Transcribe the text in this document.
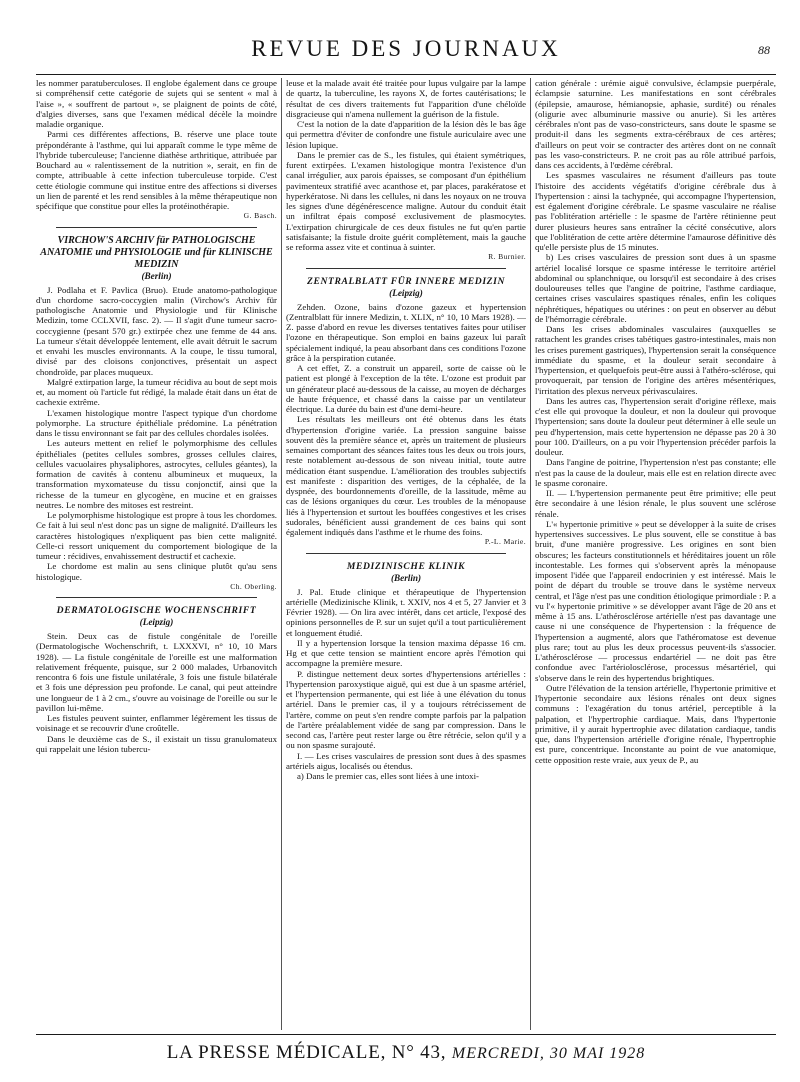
REVUE DES JOURNAUX	88

les nommer paratuberculoses. Il englobe également dans ce groupe si compréhensif cette catégorie de sujets qui se sentent « mal à l'aise », « souffrent de partout », se plaignent de points de côté, d'algies diverses, sans que l'examen médical décèle la moindre maladie organique.

Parmi ces différentes affections, B. réserve une place toute prépondérante à l'asthme, qui lui apparaît comme le type même de l'hybride tuberculeuse; l'ancienne diathèse arthritique, attribuée par Bouchard au « ralentissement de la nutrition », serait, en fin de compte, attribuable à cette infection tuberculeuse torpide. C'est cette étiologie commune qui institue entre des affections si diverses un lien de parenté et les rend sensibles à la même thérapeutique non spécifique que constitue pour elles la protéinothérapie.

G. Basch.
VIRCHOW'S ARCHIV für PATHOLOGISCHE ANATOMIE und PHYSIOLOGIE und für KLINISCHE MEDIZIN
(Berlin)

J. Podlaha et F. Pavlica (Bruo). Etude anatomo-pathologique d'un chordome sacro-coccygien malin (Virchow's Archiv für pathologische Anatomie und Physiologie und für Klinische Medizin, tome CCLXVII, fasc. 2). — Il s'agit d'une tumeur sacro-coccygienne (pesant 570 gr.) extirpée chez une femme de 44 ans. La tumeur s'était développée lentement, elle avait détruit le sacrum et envahi les muscles environnants. A la coupe, le tissu tumoral, divisé par des cloisons conjonctives, présentait un aspect chondroïde, par places muqueux.

Malgré extirpation large, la tumeur récidiva au bout de sept mois et, au moment où l'article fut rédigé, la malade était dans un état de cachexie extrême.

L'examen histologique montre l'aspect typique d'un chordome polymorphe. La structure épithéliale prédomine. La pénétration dans le tissu environnant se fait par des cellules chordales isolées.

Les auteurs mettent en relief le polymorphisme des cellules épithéliales (petites cellules sombres, grosses cellules claires, cellules vacuolaires physaliphores, astrocytes, cellules géantes), la formation de cavités à contenu albumineux et muqueux, la transformation myxomateuse du tissu conjonctif, ainsi que la richesse de la tumeur en glycogène, en mucine et en graisses neutres. Le nombre des mitoses est restreint.

Le polymorphisme histologique est propre à tous les chordomes. Ce fait à lui seul n'est donc pas un signe de malignité. D'ailleurs les caractères histologiques n'expliquent pas bien cette malignité. Celle-ci ressort uniquement du comportement biologique de la tumeur : récidives, envahissement destructif et cachexie.

Le chordome est malin au sens clinique plutôt qu'au sens histologique.

Ch. Oberling.
DERMATOLOGISCHE WOCHENSCHRIFT
(Leipzig)

Stein. Deux cas de fistule congénitale de l'oreille (Dermatologische Wochenschrift, t. LXXXVI, n° 10, 10 Mars 1928). — La fistule congénitale de l'oreille est une malformation relativement fréquente, puisque, sur 2 000 malades, Urbanovitch rencontra 6 fois une fistule unilatérale, 3 fois une fistule bilatérale et 3 fois une dépression peu profonde. Le canal, qui peut atteindre une longueur de 1 à 2 cm., s'ouvre au voisinage de l'oreille ou sur le pavillon lui-même.

Les fistules peuvent suinter, enflammer légèrement les tissus de voisinage et se recouvrir d'une croûtelle.

Dans le deuxième cas de S., il existait un tissu granulomateux qui rappelait une lésion tubercu-

leuse et la malade avait été traitée pour lupus vulgaire par la lampe de quartz, la tuberculine, les rayons X, de fortes cautérisations; le résultat de ces divers traitements fut l'apparition d'une chéloïde disgracieuse qui n'amena nullement la guérison de la fistule.

C'est la notion de la date d'apparition de la lésion dès le bas âge qui permettra d'éviter de confondre une fistule auriculaire avec une lésion lupique.

Dans le premier cas de S., les fistules, qui étaient symétriques, furent extirpées. L'examen histologique montra l'existence d'un canal irrégulier, aux parois épaisses, se composant d'un épithélium pavimenteux stratifié avec acanthose et, par places, parakératose et hyperkératose. Ni dans les cellules, ni dans les noyaux on ne trouva les signes d'une dégénérescence maligne. Autour du conduit était un infiltrat épais composé exclusivement de plasmocytes. L'extirpation chirurgicale de ces deux fistules ne fut qu'en partie satisfaisante; la fistule droite guérit complètement, mais la gauche se reforma assez vite et continua à suinter.

R. Burnier.
ZENTRALBLATT FÜR INNERE MEDIZIN
(Leipzig)

Zehden. Ozone, bains d'ozone gazeux et hypertension (Zentralblatt für innere Medizin, t. XLIX, n° 10, 10 Mars 1928). — Z. passe d'abord en revue les diverses tentatives faites pour utiliser l'ozone en thérapeutique. Son emploi en bains gazeux lui paraît spécialement indiqué, la peau absorbant dans ces conditions l'ozone grâce à la perspiration cutanée.

A cet effet, Z. a construit un appareil, sorte de caisse où le patient est plongé à l'exception de la tête. L'ozone est produit par un générateur placé au-dessous de la caisse, au moyen de décharges de haute fréquence, et chassé dans la caisse par un ventilateur électrique. La durée du bain est d'une demi-heure.

Les résultats les meilleurs ont été obtenus dans les états d'hypertension d'origine variée. La pression sanguine baisse souvent dès la première séance et, après un traitement de plusieurs semaines comportant des séances faites tous les deux ou trois jours, reste notablement au-dessous de son niveau initial, toute autre médication étant suspendue. L'amélioration des troubles subjectifs est manifeste : disparition des vertiges, de la céphalée, de la dyspnée, des bourdonnements d'oreille, de la lassitude, même au cas de lésions organiques du cœur. Les troubles de la ménopause liés à l'hypertension et surtout les bouffées congestives et les crises sudorales, bénéficient aussi grandement de ces bains qui sont également indiqués dans l'asthme et le rhume des foins.

P.-L. Marie.
MEDIZINISCHE KLINIK
(Berlin)

J. Pal. Etude clinique et thérapeutique de l'hypertension artérielle (Medizinische Klinik, t. XXIV, nos 4 et 5, 27 Janvier et 3 Février 1928). — On lira avec intérêt, dans cet article, l'exposé des opinions personnelles de P. sur un sujet qu'il a tout particulièrement et longuement étudié.

Il y a hypertension lorsque la tension maxima dépasse 16 cm. Hg et que cette tension se maintient encore après l'émotion qui accompagne la première mesure.

P. distingue nettement deux sortes d'hypertensions artérielles : l'hypertension paroxystique aiguë, qui est due à un spasme artériel, et l'hypertension permanente, qui est liée à une élévation du tonus artériel. Dans le premier cas, il y a toujours rétrécissement de l'artère, comme on peut s'en rendre compte parfois par la palpation de l'artère préalablement vidée de sang par compression. Dans le second cas, l'artère peut rester large ou être rétrécie, selon qu'il y a ou non spasme surajouté.

I. — Les crises vasculaires de pression sont dues à des spasmes artériels aigus, localisés ou étendus.

a) Dans le premier cas, elles sont liées à une intoxi-

cation générale : urémie aiguë convulsive, éclampsie puerpérale, éclampsie saturnine. Les manifestations en sont cérébrales (épilepsie, amaurose, hémianopsie, aphasie, surdité) ou rénales (oligurie avec albuminurie massive ou anurie). Si les artères cérébrales n'ont pas de vaso-constricteurs, sans doute le spasme se produit-il dans les segments extra-cérébraux de ces artères; d'ailleurs on peut voir se contracter des artères dont on ne connaît pas les vaso-constricteurs. P. ne croit pas au rôle attribué parfois, dans ces accidents, à l'œdème cérébral.

Les spasmes vasculaires ne résument d'ailleurs pas toute l'histoire des accidents végétatifs d'origine cérébrale dus à l'hypertension : ainsi la tachypnée, qui accompagne l'hypertension, est également d'origine cérébrale. Le spasme vasculaire ne réalise pas l'oblitération artérielle : le spasme de l'artère rétinienne peut durer plusieurs heures sans entraîner la cécité consécutive, alors que l'oblitération de cette artère détermine l'amaurose définitive dès qu'elle persiste plus de 15 minutes.

b) Les crises vasculaires de pression sont dues à un spasme artériel localisé lorsque ce spasme intéresse le territoire artériel abdominal ou splanchnique, ou lorsqu'il est secondaire à des crises douloureuses telles que l'angine de poitrine, l'asthme cardiaque, certaines crises vasculaires spastiques rénales, enfin les coliques néphrétiques, hépatiques ou utérines : on peut en observer au début de l'hémorragie cérébrale.

Dans les crises abdominales vasculaires (auxquelles se rattachent les grandes crises tabétiques gastro-intestinales, mais non les crises purement gastriques), l'hypertension serait la conséquence immédiate du spasme, et la douleur serait secondaire à l'hypertension, et quelquefois peut-être aussi à l'athéro-sclérose, qui provoquerait, par tension de l'origine des artères mésentériques, l'irritation des plexus nerveux périvasculaires.

Dans les autres cas, l'hypertension serait d'origine réflexe, mais c'est elle qui provoque la douleur, et non la douleur qui provoque l'hypertension; sans doute la douleur peut déterminer à elle seule un peu d'hypertension, mais cette hypertension ne dépasse pas 20 à 30 pour 100. D'ailleurs, on a pu voir l'hypertension précéder parfois la douleur.

Dans l'angine de poitrine, l'hypertension n'est pas constante; elle n'est pas la cause de la douleur, mais elle est en relation directe avec le spasme coronaire.

II. — L'hypertension permanente peut être primitive; elle peut être secondaire à une lésion rénale, le plus souvent une sclérose rénale.

L'« hypertonie primitive » peut se développer à la suite de crises hypertensives successives. Le plus souvent, elle se constitue à bas bruit, d'une manière progressive. Les origines en sont bien obscures; les facteurs constitutionnels et héréditaires jouent un rôle incontestable. Les formes qui s'observent après la ménopause imposent l'idée que l'appareil endocrinien y est intéressé. Mais le point de départ du trouble se trouve dans le système nerveux central, et l'âge n'est pas une condition étiologique primordiale : P. a vu l'« hypertonie primitive » se développer avant l'âge de 20 ans et même à 15 ans. L'athérosclérose artérielle n'est pas davantage une cause ni une conséquence de l'hypertension : la fréquence de l'hypertension a augmenté, alors que l'athéromatose est devenue plus rare; tout au plus les deux processus peuvent-ils s'associer. L'athérosclérose — processus endartériel — ne doit pas être confondue avec l'artériolosclérose, processus mésartériel, qui s'observe dans le rein des hypertendus brightiques.

Outre l'élévation de la tension artérielle, l'hypertonie primitive et l'hypertonie secondaire aux lésions rénales ont deux signes communs : l'exagération du tonus artériel, perceptible à la palpation, et l'hypertrophie cardiaque. Mais, dans l'hypertonie primitive, il y aurait hypertrophie avec dilatation cardiaque, tandis que, dans l'hypertension artérielle d'origine rénale, l'hypertrophie est pure, concentrique. Inconstante au point de vue anatomique, cette opposition reste vraie, aux yeux de P., au

LA PRESSE MÉDICALE, N° 43, MERCREDI, 30 MAI 1928
